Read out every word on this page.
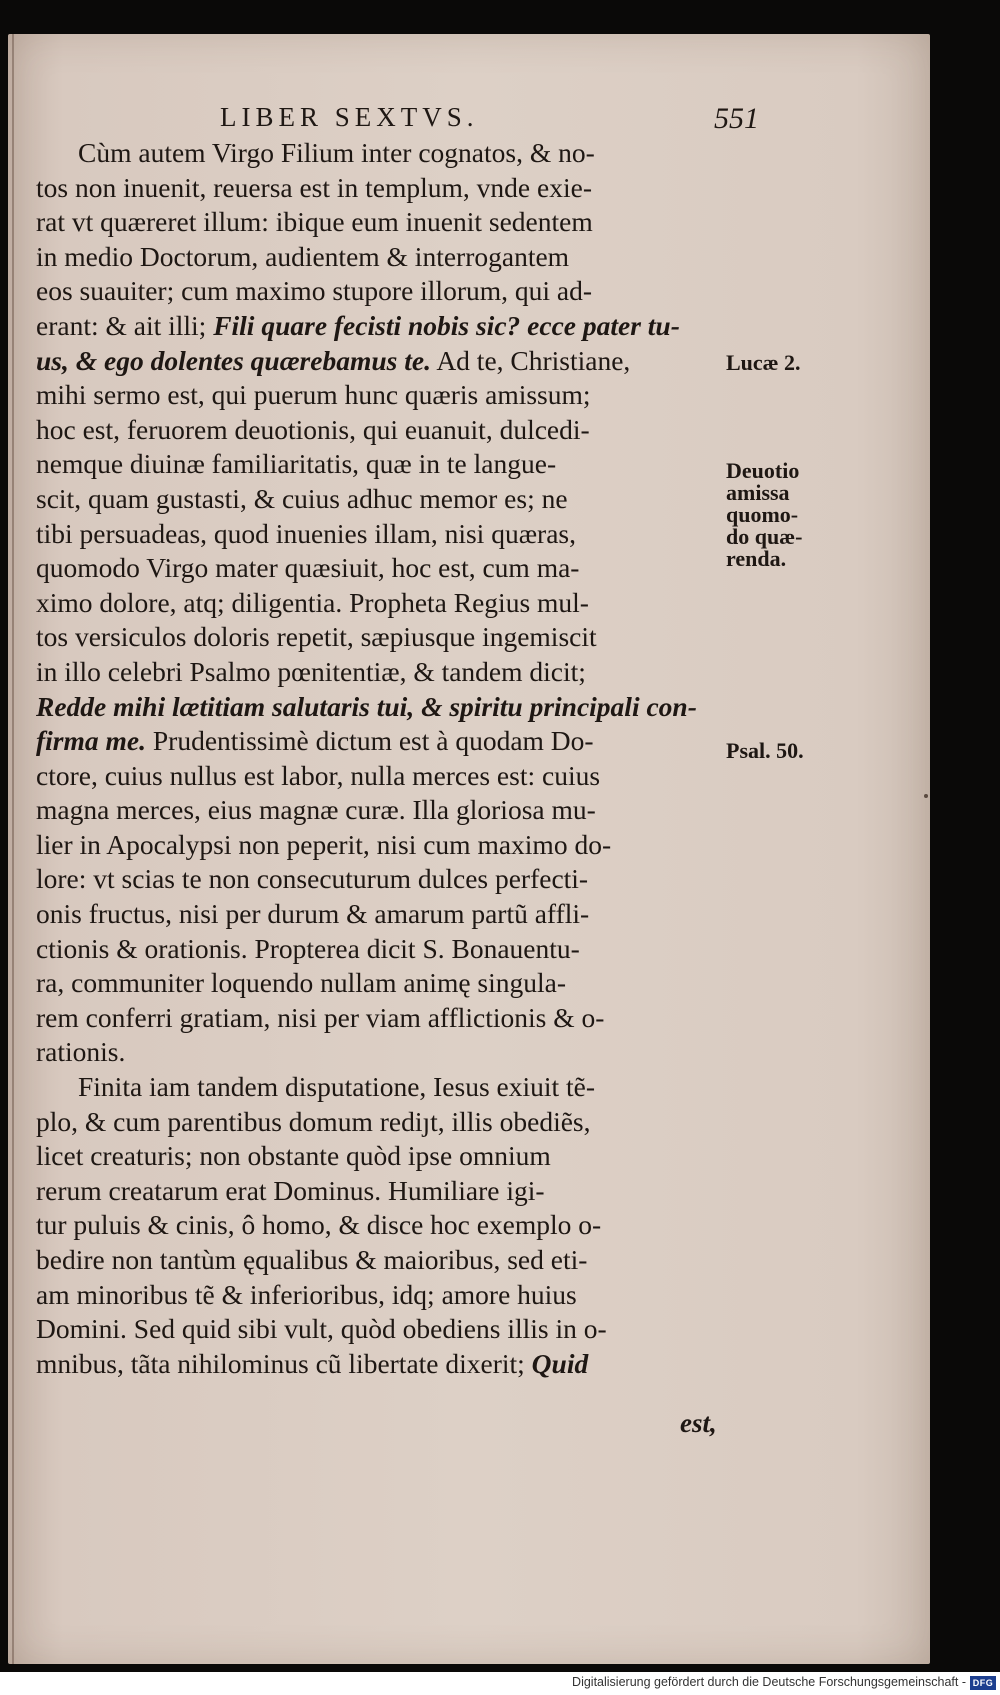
LIBER SEXTVS.	551
Cùm autem Virgo Filium inter cognatos, & no-
tos non inuenit, reuersa est in templum, vnde exie-
rat vt quæreret illum: ibique eum inuenit sedentem
in medio Doctorum, audientem & interrogantem
eos suauiter; cum maximo stupore illorum, qui ad-
erant: & ait illi; Fili quare fecisti nobis sic? ecce pater tu-
us, & ego dolentes quærebamus te. Ad te, Christiane,
mihi sermo est, qui puerum hunc quæris amissum;
hoc est, feruorem deuotionis, qui euanuit, dulcedi-
nemque diuinæ familiaritatis, quæ in te langue-
scit, quam gustasti, & cuius adhuc memor es; ne
tibi persuadeas, quod inuenies illam, nisi quæras,
quomodo Virgo mater quæsiuit, hoc est, cum ma-
ximo dolore, atq; diligentia. Propheta Regius mul-
tos versiculos doloris repetit, sæpiusque ingemiscit
in illo celebri Psalmo pœnitentiæ, & tandem dicit;
Redde mihi lætitiam salutaris tui, & spiritu principali con-
firma me. Prudentissimè dictum est à quodam Do-
ctore, cuius nullus est labor, nulla merces est: cuius
magna merces, eius magnæ curæ. Illa gloriosa mu-
lier in Apocalypsi non peperit, nisi cum maximo do-
lore: vt scias te non consecuturum dulces perfecti-
onis fructus, nisi per durum & amarum partũ affli-
ctionis & orationis. Propterea dicit S. Bonauentu-
ra, communiter loquendo nullam animę singula-
rem conferri gratiam, nisi per viam afflictionis & o-
rationis.
Finita iam tandem disputatione, Iesus exiuit tẽ-
plo, & cum parentibus domum rediȷt, illis obediẽs,
licet creaturis; non obstante quòd ipse omnium
rerum creatarum erat Dominus. Humiliare igi-
tur puluis & cinis, ô homo, & disce hoc exemplo o-
bedire non tantùm ęqualibus & maioribus, sed eti-
am minoribus tẽ & inferioribus, idq; amore huius
Domini. Sed quid sibi vult, quòd obediens illis in o-
mnibus, tãta nihilominus cũ libertate dixerit; Quid
est,
Lucæ 2.
Deuotio
amissa
quomo-
do quæ-
renda.
Psal. 50.
Digitalisierung gefördert durch die Deutsche Forschungsgemeinschaft - DFG
